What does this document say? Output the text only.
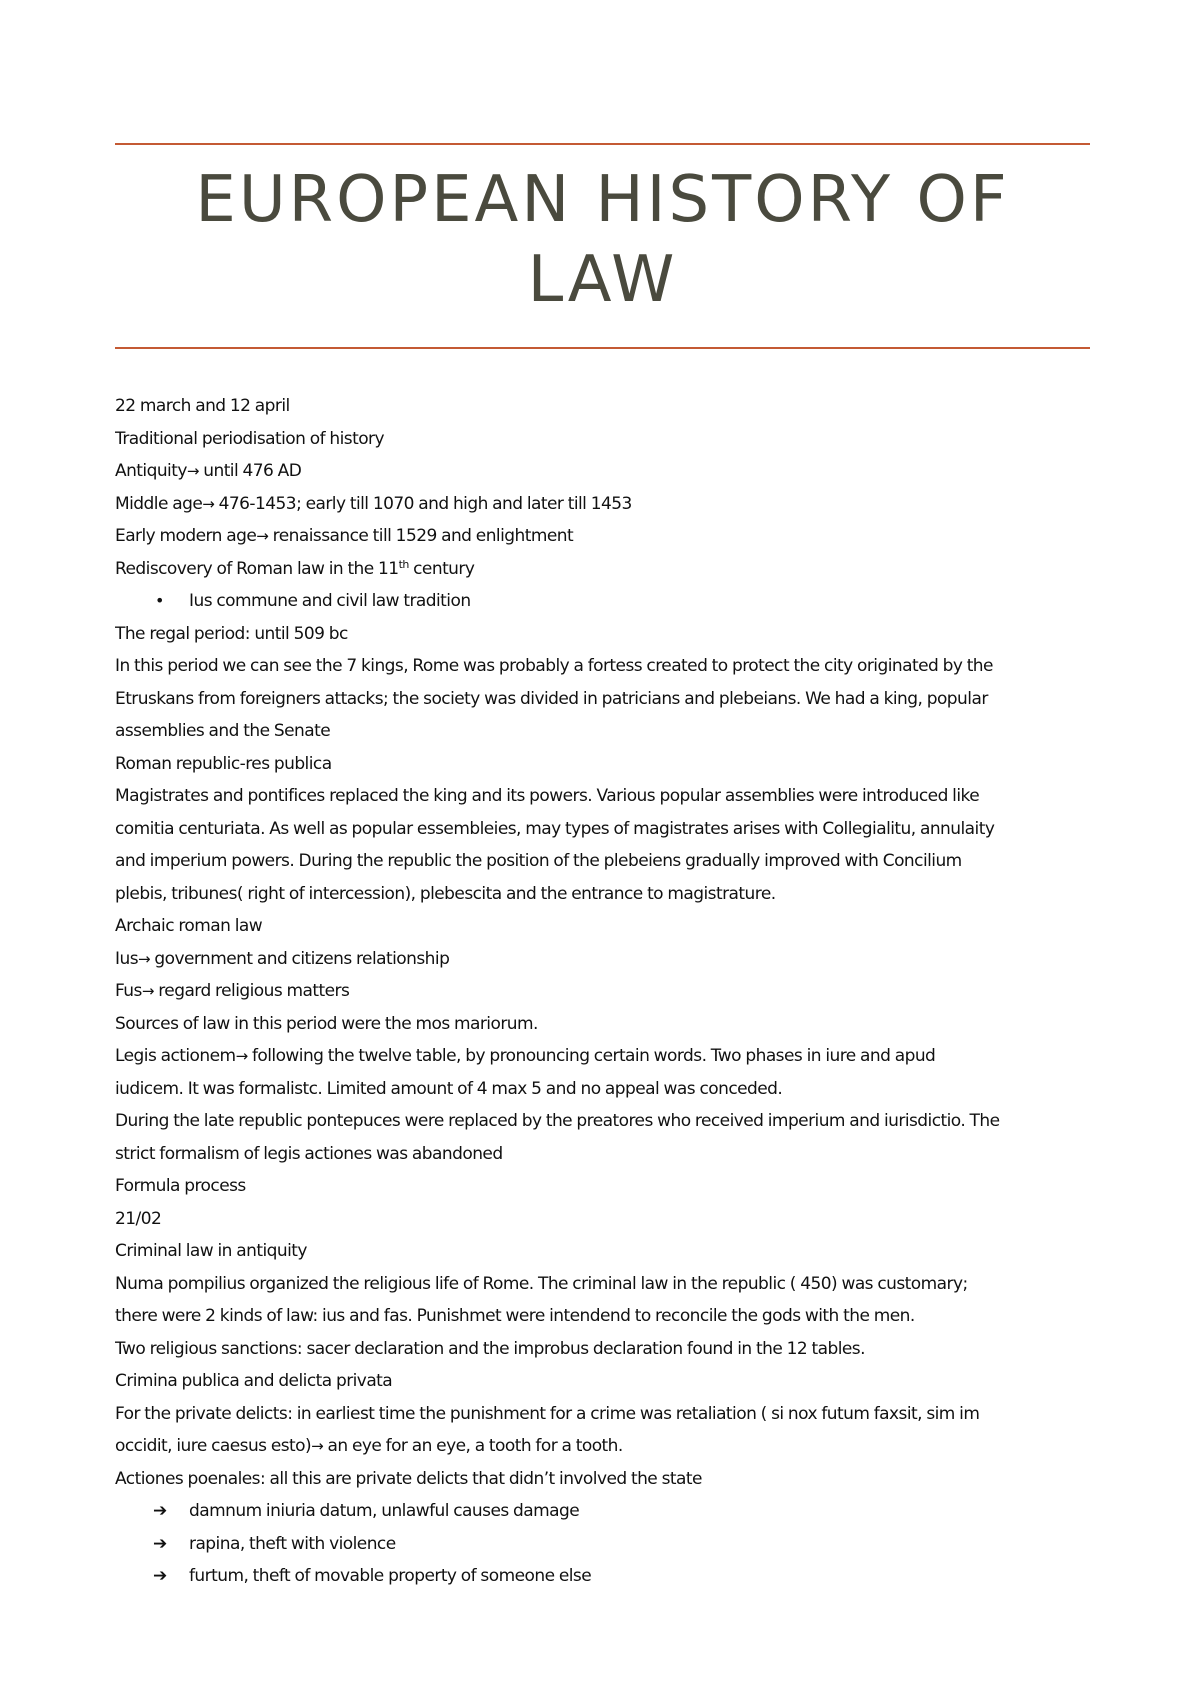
EUROPEAN HISTORY OF
LAW
22 march and 12 april
Traditional periodisation of history
Antiquity→ until 476 AD
Middle age→ 476-1453; early till 1070 and high and later till 1453
Early modern age→ renaissance till 1529 and enlightment
Rediscovery of Roman law in the 11th century
• Ius commune and civil law tradition
The regal period: until 509 bc
In this period we can see the 7 kings, Rome was probably a fortess created to protect the city originated by the
Etruskans from foreigners attacks; the society was divided in patricians and plebeians. We had a king, popular
assemblies and the Senate
Roman republic-res publica
Magistrates and pontifices replaced the king and its powers. Various popular assemblies were introduced like
comitia centuriata. As well as popular essembleies, may types of magistrates arises with Collegialitu, annulaity
and imperium powers. During the republic the position of the plebeiens gradually improved with Concilium
plebis, tribunes( right of intercession), plebescita and the entrance to magistrature.
Archaic roman law
Ius→ government and citizens relationship
Fus→ regard religious matters
Sources of law in this period were the mos mariorum.
Legis actionem→ following the twelve table, by pronouncing certain words. Two phases in iure and apud
iudicem. It was formalistc. Limited amount of 4 max 5 and no appeal was conceded.
During the late republic pontepuces were replaced by the preatores who received imperium and iurisdictio. The
strict formalism of legis actiones was abandoned
Formula process
21/02
Criminal law in antiquity
Numa pompilius organized the religious life of Rome. The criminal law in the republic ( 450) was customary;
there were 2 kinds of law: ius and fas. Punishmet were intendend to reconcile the gods with the men.
Two religious sanctions: sacer declaration and the improbus declaration found in the 12 tables.
Crimina publica and delicta privata
For the private delicts: in earliest time the punishment for a crime was retaliation ( si nox futum faxsit, sim im
occidit, iure caesus esto)→ an eye for an eye, a tooth for a tooth.
Actiones poenales: all this are private delicts that didn’t involved the state
➔ damnum iniuria datum, unlawful causes damage
➔ rapina, theft with violence
➔ furtum, theft of movable property of someone else
